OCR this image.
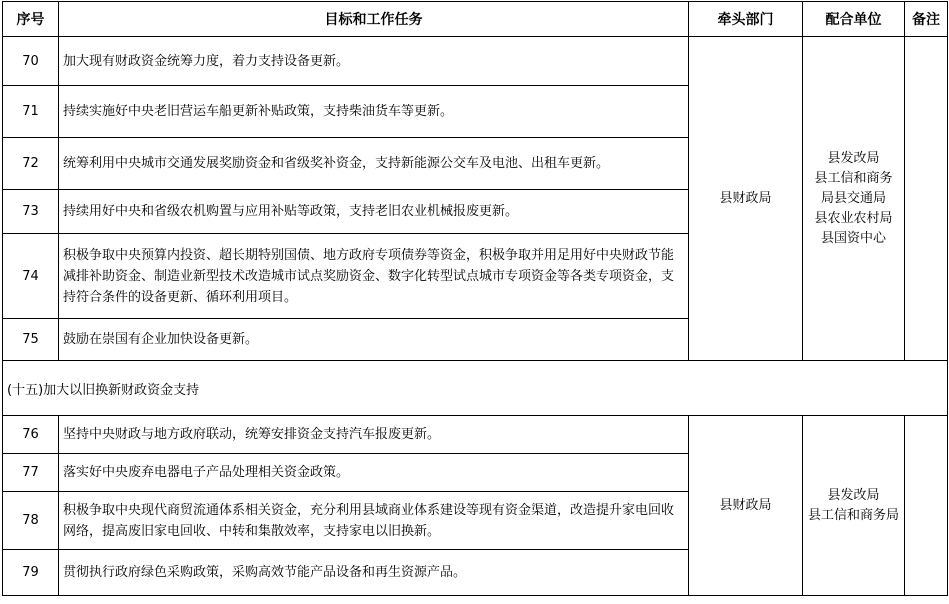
序号	目标和工作任务	牵头部门	配合单位	备注
70	加大现有财政资金统筹力度，着力支持设备更新。	县财政局	县发改局
县工信和商务
局县交通局
县农业农村局
县国资中心	

71	持续实施好中央老旧营运车船更新补贴政策，支持柴油货车等更新。			
72	统筹利用中央城市交通发展奖励资金和省级奖补资金，支持新能源公交车及电池、出租车更新。			
73	持续用好中央和省级农机购置与应用补贴等政策，支持老旧农业机械报废更新。			
74	积极争取中央预算内投资、超长期特别国债、地方政府专项债券等资金，积极争取并用足用好中央财政节能减排补助资金、制造业新型技术改造城市试点奖励资金、数字化转型试点城市专项资金等各类专项资金，支持符合条件的设备更新、循环利用项目。			
75	鼓励在崇国有企业加快设备更新。			
(十五)加大以旧换新财政资金支持				
76	坚持中央财政与地方政府联动，统筹安排资金支持汽车报废更新。	县财政局	县发改局
县工信和商务局	

77	落实好中央废弃电器电子产品处理相关资金政策。			
78	积极争取中央现代商贸流通体系相关资金，充分利用县域商业体系建设等现有资金渠道，改造提升家电回收网络，提高废旧家电回收、中转和集散效率，支持家电以旧换新。			
79	贯彻执行政府绿色采购政策，采购高效节能产品设备和再生资源产品。			
